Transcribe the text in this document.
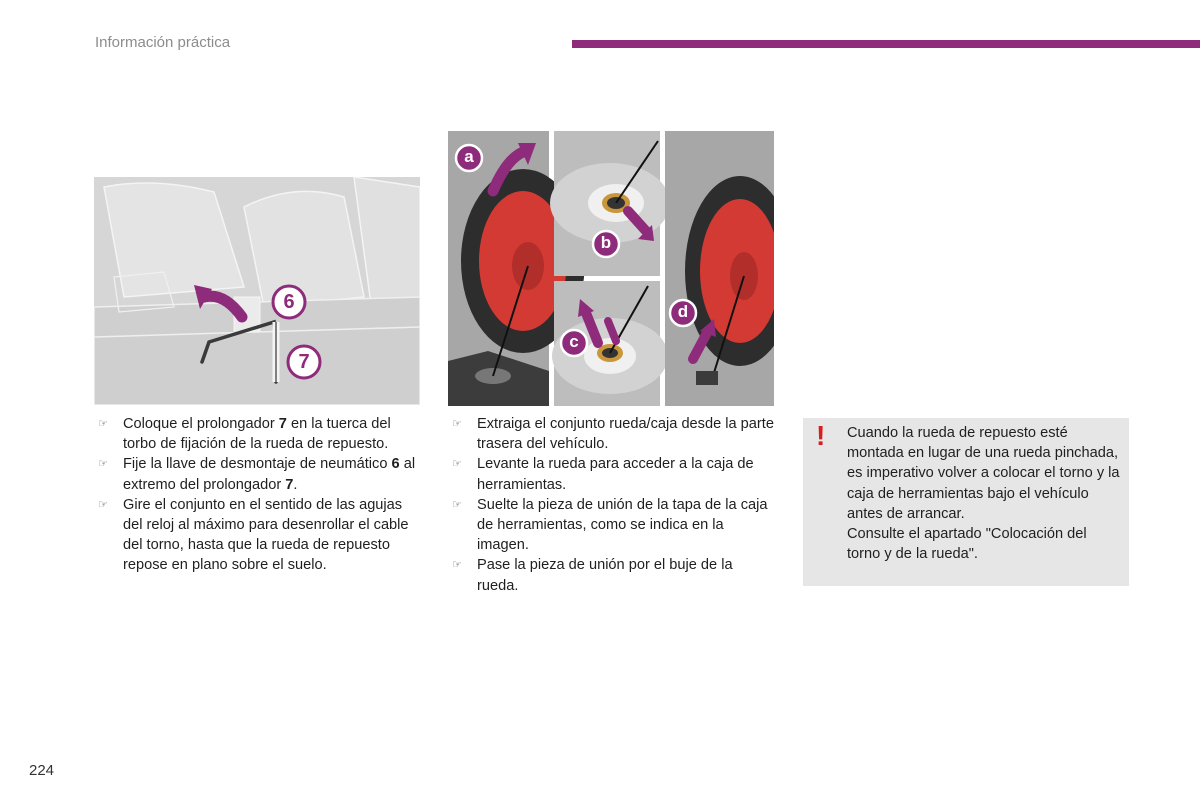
Información práctica
6
7
a
b
c
d
☞ Coloque el prolongador 7 en la tuerca del torbo de fijación de la rueda de repuesto.
☞ Fije la llave de desmontaje de neumático 6 al extremo del prolongador 7.
☞ Gire el conjunto en el sentido de las agujas del reloj al máximo para desenrollar el cable del torno, hasta que la rueda de repuesto repose en plano sobre el suelo.
☞ Extraiga el conjunto rueda/caja desde la parte trasera del vehículo.
☞ Levante la rueda para acceder a la caja de herramientas.
☞ Suelte la pieza de unión de la tapa de la caja de herramientas, como se indica en la imagen.
☞ Pase la pieza de unión por el buje de la rueda.
! Cuando la rueda de repuesto esté montada en lugar de una rueda pinchada, es imperativo volver a colocar el torno y la caja de herramientas bajo el vehículo antes de arrancar.

Consulte el apartado "Colocación del torno y de la rueda".

224
